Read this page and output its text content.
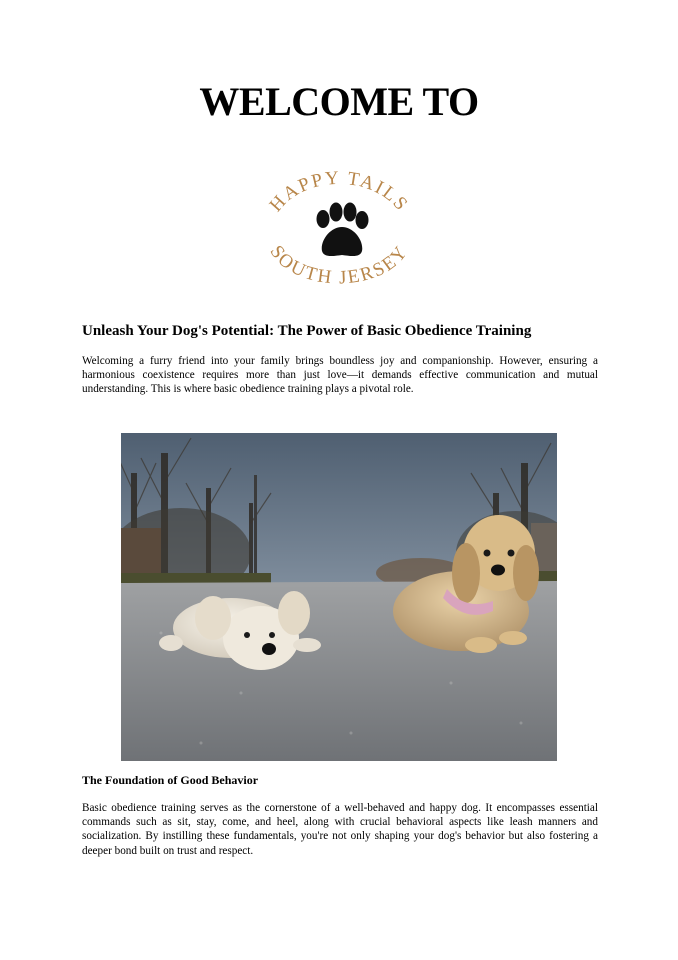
WELCOME TO
HAPPY TAILS
SOUTH JERSEY
Unleash Your Dog's Potential: The Power of Basic Obedience Training

Welcoming a furry friend into your family brings boundless joy and companionship. However, ensuring a harmonious coexistence requires more than just love—it demands effective communication and mutual understanding. This is where basic obedience training plays a pivotal role.

The Foundation of Good Behavior

Basic obedience training serves as the cornerstone of a well-behaved and happy dog. It encompasses essential commands such as sit, stay, come, and heel, along with crucial behavioral aspects like leash manners and socialization. By instilling these fundamentals, you're not only shaping your dog's behavior but also fostering a deeper bond built on trust and respect.
